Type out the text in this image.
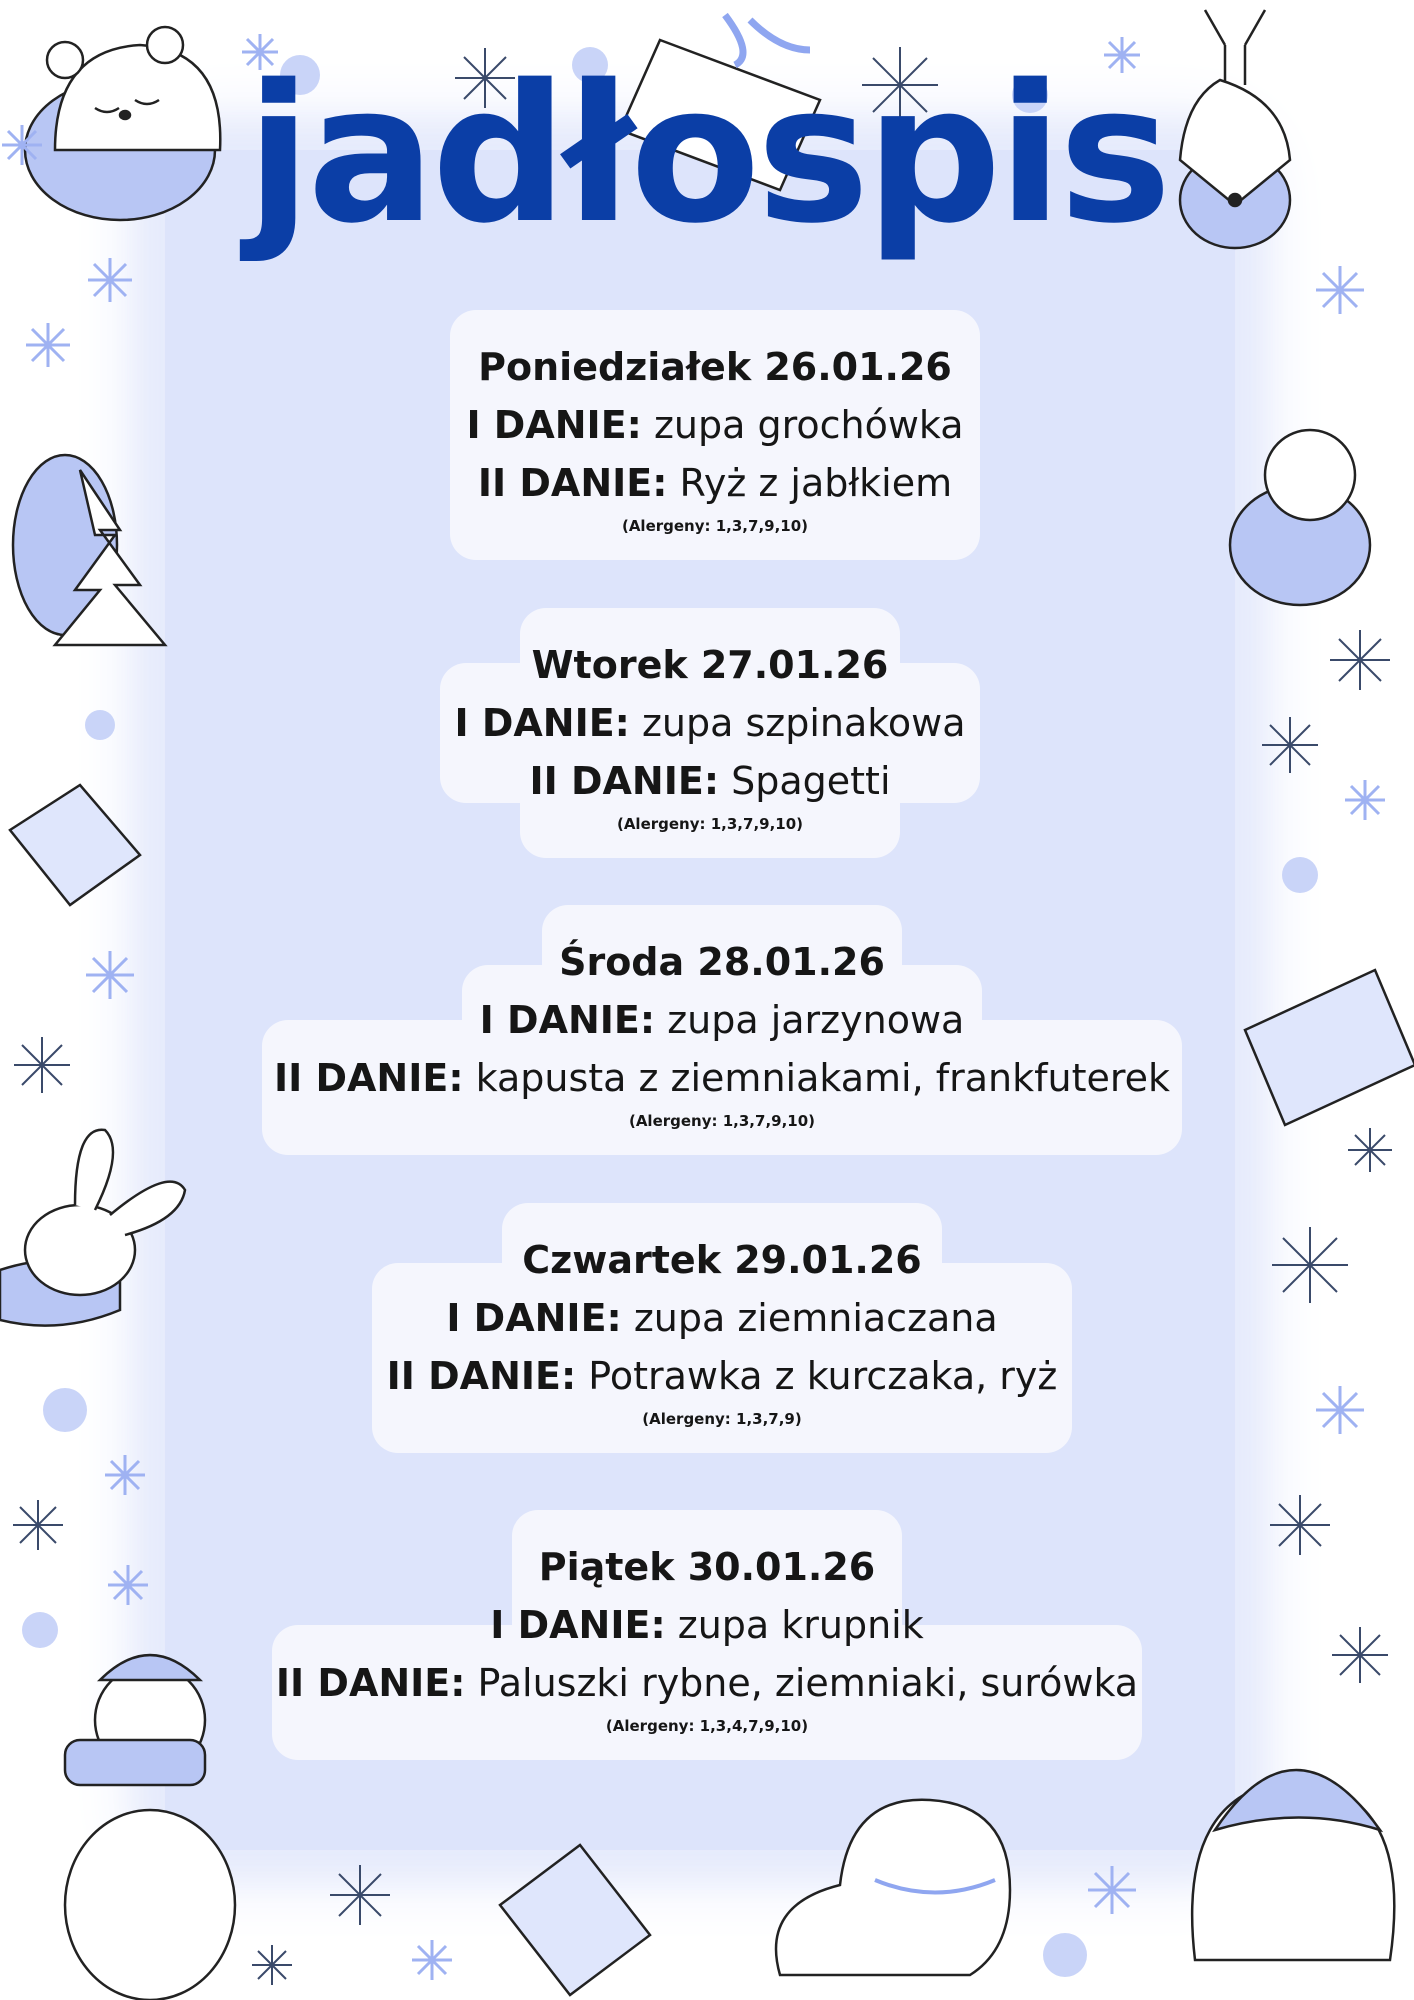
jadłospis
Poniedziałek 26.01.26
I DANIE: zupa grochówka
II DANIE: Ryż z jabłkiem
(Alergeny: 1,3,7,9,10)
Wtorek 27.01.26
I DANIE: zupa szpinakowa
II DANIE: Spagetti
(Alergeny: 1,3,7,9,10)
Środa 28.01.26
I DANIE: zupa jarzynowa
II DANIE: kapusta z ziemniakami, frankfuterek
(Alergeny: 1,3,7,9,10)
Czwartek 29.01.26
I DANIE: zupa ziemniaczana
II DANIE: Potrawka z kurczaka, ryż
(Alergeny: 1,3,7,9)
Piątek 30.01.26
I DANIE: zupa krupnik
II DANIE: Paluszki rybne, ziemniaki, surówka
(Alergeny: 1,3,4,7,9,10)
